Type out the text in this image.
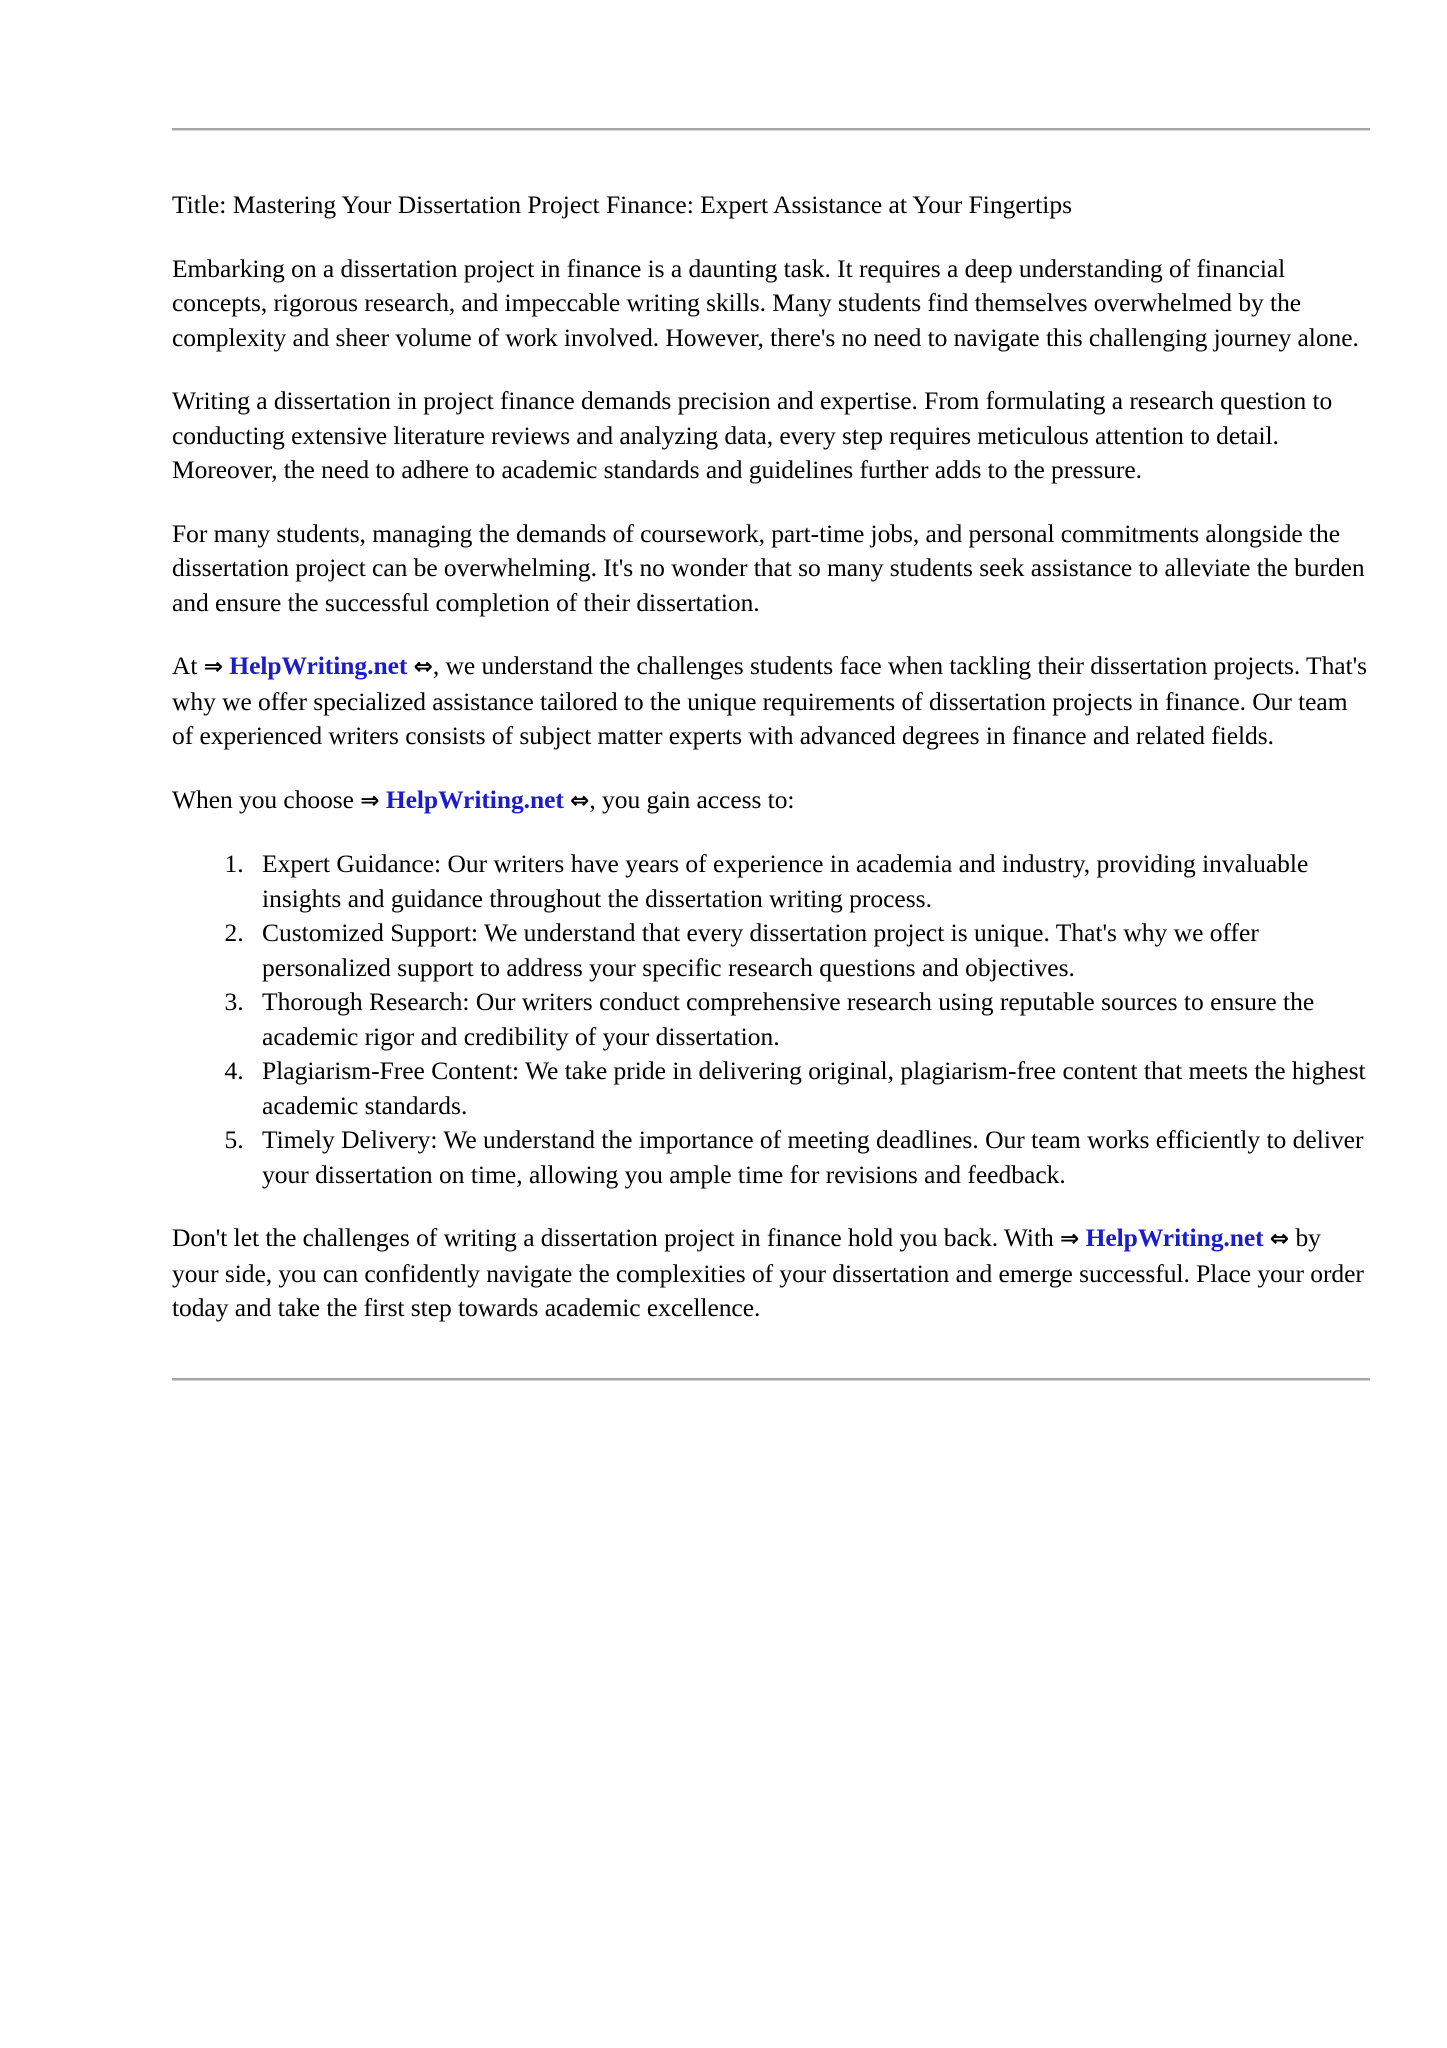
Title: Mastering Your Dissertation Project Finance: Expert Assistance at Your Fingertips

Embarking on a dissertation project in finance is a daunting task. It requires a deep understanding of financial concepts, rigorous research, and impeccable writing skills. Many students find themselves overwhelmed by the complexity and sheer volume of work involved. However, there's no need to navigate this challenging journey alone.

Writing a dissertation in project finance demands precision and expertise. From formulating a research question to conducting extensive literature reviews and analyzing data, every step requires meticulous attention to detail. Moreover, the need to adhere to academic standards and guidelines further adds to the pressure.

For many students, managing the demands of coursework, part-time jobs, and personal commitments alongside the dissertation project can be overwhelming. It's no wonder that so many students seek assistance to alleviate the burden and ensure the successful completion of their dissertation.

At ⇒ HelpWriting.net ⇔, we understand the challenges students face when tackling their dissertation projects. That's why we offer specialized assistance tailored to the unique requirements of dissertation projects in finance. Our team of experienced writers consists of subject matter experts with advanced degrees in finance and related fields.

When you choose ⇒ HelpWriting.net ⇔, you gain access to:

1. Expert Guidance: Our writers have years of experience in academia and industry, providing invaluable insights and guidance throughout the dissertation writing process.
2. Customized Support: We understand that every dissertation project is unique. That's why we offer personalized support to address your specific research questions and objectives.
3. Thorough Research: Our writers conduct comprehensive research using reputable sources to ensure the academic rigor and credibility of your dissertation.
4. Plagiarism-Free Content: We take pride in delivering original, plagiarism-free content that meets the highest academic standards.
5. Timely Delivery: We understand the importance of meeting deadlines. Our team works efficiently to deliver your dissertation on time, allowing you ample time for revisions and feedback.

Don't let the challenges of writing a dissertation project in finance hold you back. With ⇒ HelpWriting.net ⇔ by your side, you can confidently navigate the complexities of your dissertation and emerge successful. Place your order today and take the first step towards academic excellence.
